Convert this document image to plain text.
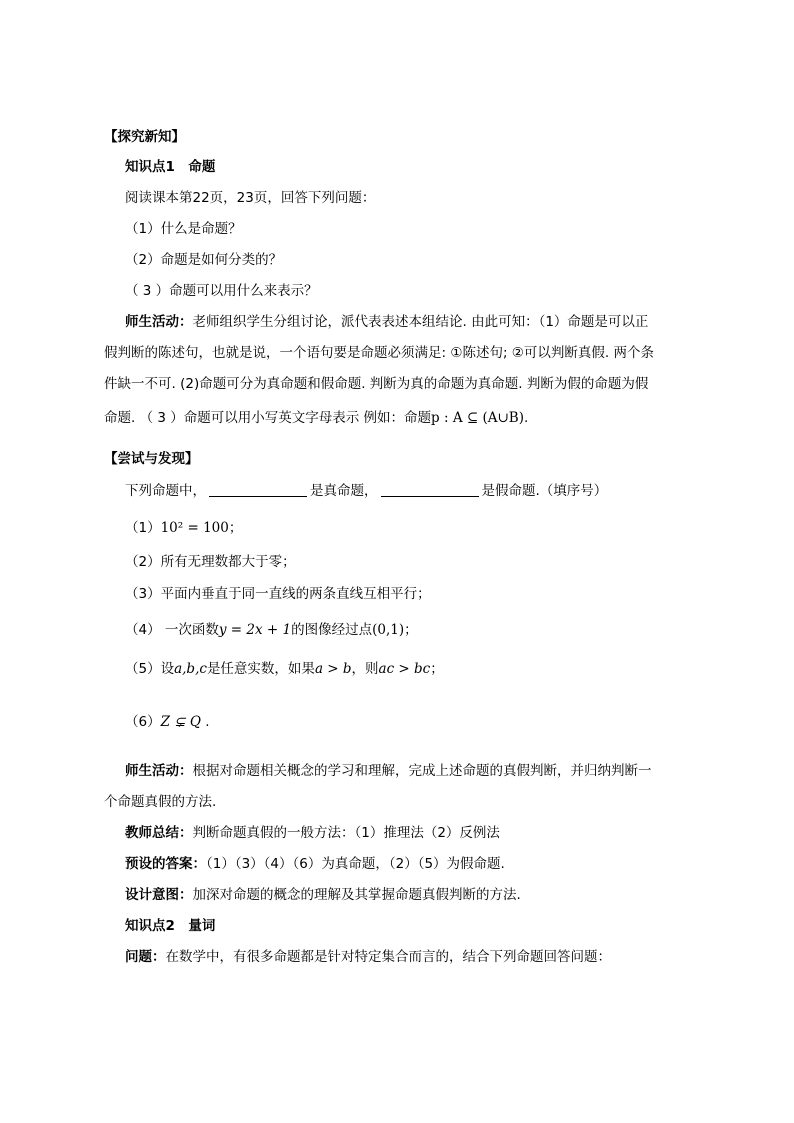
【探究新知】
知识点1　命题
阅读课本第22页，23页，回答下列问题：
（1）什么是命题？
（2）命题是如何分类的？
（ 3 ）命题可以用什么来表示？
师生活动：老师组织学生分组讨论，派代表表述本组结论. 由此可知：（1）命题是可以正
假判断的陈述句，也就是说，一个语句要是命题必须满足: ①陈述句; ②可以判断真假. 两个条
件缺一不可. (2)命题可分为真命题和假命题. 判断为真的命题为真命题. 判断为假的命题为假
命题. （ 3 ）命题可以用小写英文字母表示 例如：命题p : A ⊆ (A∪B).
【尝试与发现】
下列命题中，	是真命题，	是假命题.（填序号）
（1）10² = 100；
（2）所有无理数都大于零；
（3）平面内垂直于同一直线的两条直线互相平行；
（4） 一次函数y = 2x + 1的图像经过点(0,1)；
（5）设a,b,c是任意实数，如果a > b，则ac > bc；
（6）Z ⊊ Q .
师生活动：根据对命题相关概念的学习和理解，完成上述命题的真假判断，并归纳判断一
个命题真假的方法.
教师总结：判断命题真假的一般方法：（1）推理法（2）反例法
预设的答案：（1）（3）（4）（6）为真命题，（2）（5）为假命题.
设计意图：加深对命题的概念的理解及其掌握命题真假判断的方法.
知识点2　量词
问题：在数学中，有很多命题都是针对特定集合而言的，结合下列命题回答问题：
